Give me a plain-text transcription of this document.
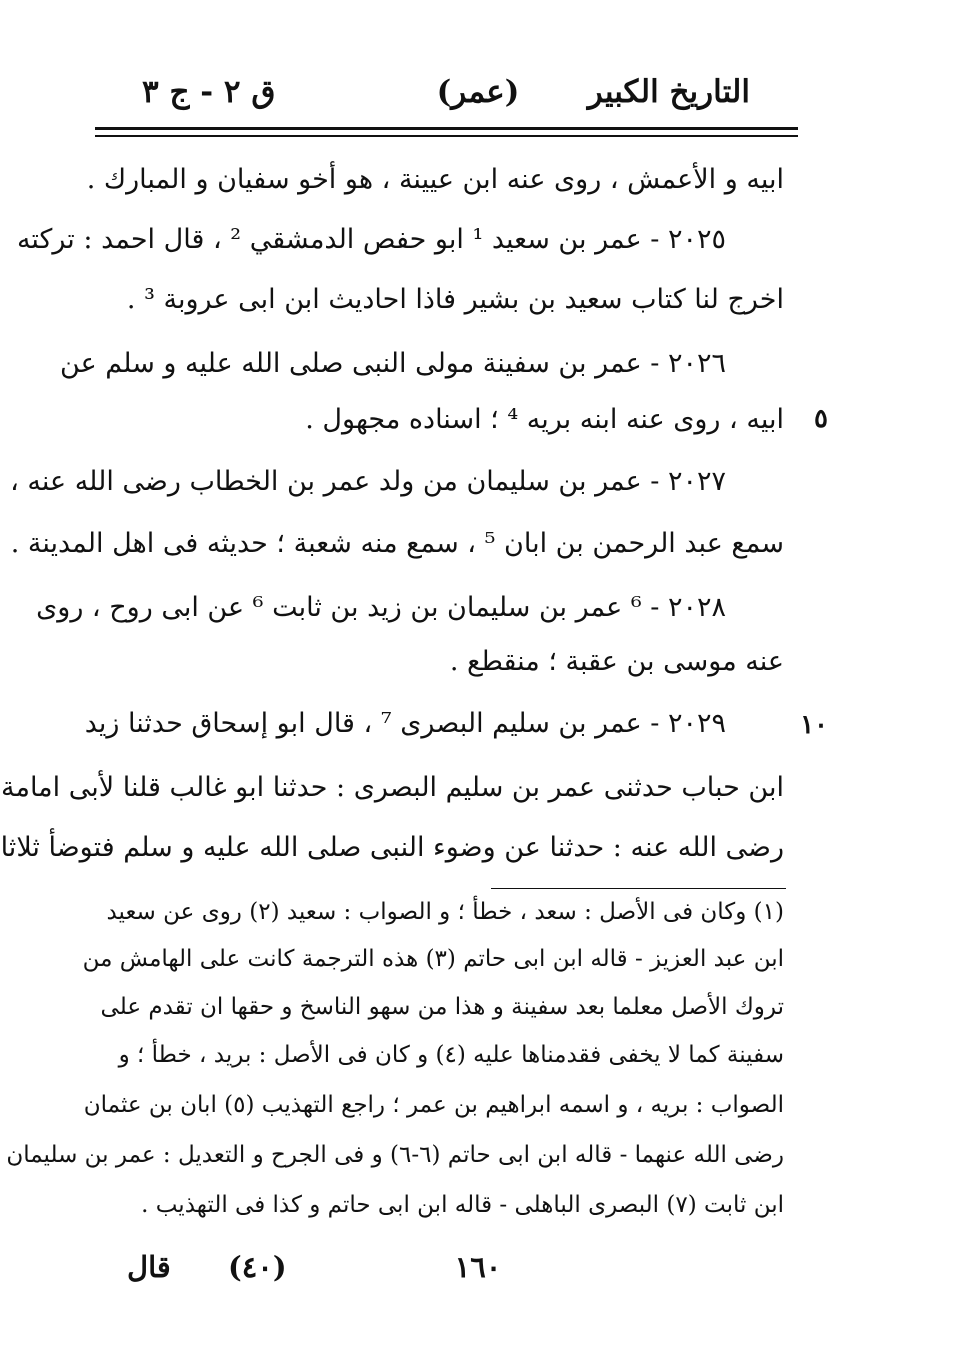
التاريخ الكبير
(عمر)
ق ٢ - ج ٣
ابيه و الأعمش ، روى عنه ابن عيينة ، هو أخو سفيان و المبارك .
٢٠٢٥ - عمر بن سعيد ¹ ابو حفص الدمشقي ² ، قال احمد : تركته
اخرج لنا كتاب سعيد بن بشير فاذا احاديث ابن ابى عروبة ³ .
٢٠٢٦ - عمر بن سفينة مولى النبى صلى الله عليه و سلم عن
ابيه ، روى عنه ابنه بريه ⁴ ؛ اسناده مجهول .
٢٠٢٧ - عمر بن سليمان من ولد عمر بن الخطاب رضى الله عنه ،
سمع عبد الرحمن بن ابان ⁵ ، سمع منه شعبة ؛ حديثه فى اهل المدينة .
٢٠٢٨ - ⁶ عمر بن سليمان بن زيد بن ثابت ⁶ عن ابى روح ، روى
عنه موسى بن عقبة ؛ منقطع .
٢٠٢٩ - عمر بن سليم البصرى ⁷ ، قال ابو إسحاق حدثنا زيد
ابن حباب حدثنى عمر بن سليم البصرى : حدثنا ابو غالب قلنا لأبى امامة
رضى الله عنه : حدثنا عن وضوء النبى صلى الله عليه و سلم فتوضأ ثلاثا
٥
١٠
(١) وكان فى الأصل : سعد ، خطأ ؛ و الصواب : سعيد (٢) روى عن سعيد
ابن عبد العزيز - قاله ابن ابى حاتم (٣) هذه الترجمة كانت على الهامش من
تروك الأصل معلما بعد سفينة و هذا من سهو الناسخ و حقها ان تقدم على
سفينة كما لا يخفى فقدمناها عليه (٤) و كان فى الأصل : بريد ، خطأ ؛ و
الصواب : بريه ، و اسمه ابراهيم بن عمر ؛ راجع التهذيب (٥) ابان بن عثمان
رضى الله عنهما - قاله ابن ابى حاتم (٦-٦) و فى الجرح و التعديل : عمر بن سليمان
ابن ثابت (٧) البصرى الباهلى - قاله ابن ابى حاتم و كذا فى التهذيب .
١٦٠
(٤٠)
قال
